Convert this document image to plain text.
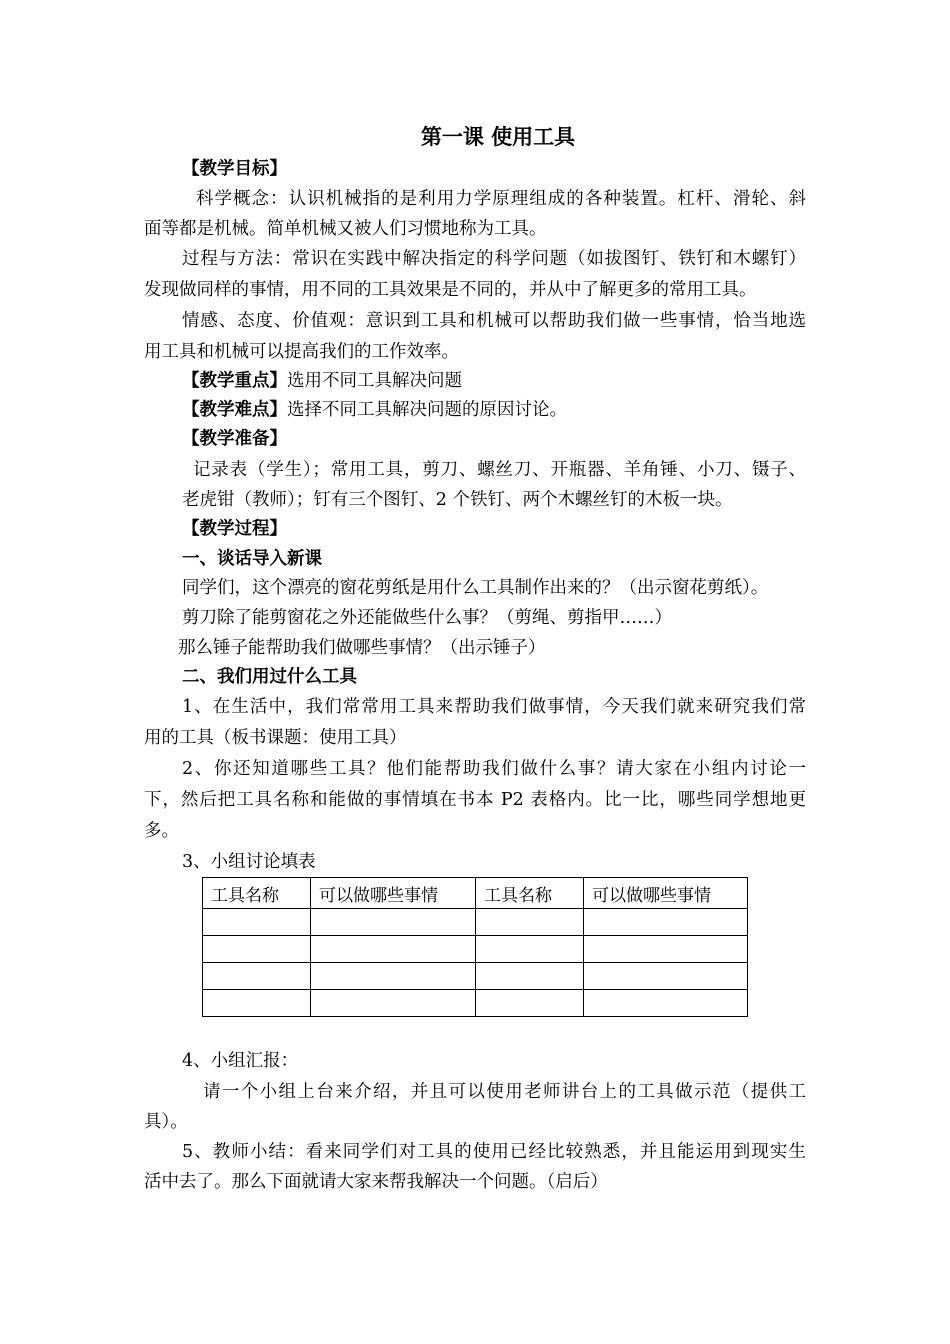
第一课 使用工具
【教学目标】
科学概念：认识机械指的是利用力学原理组成的各种装置。杠杆、滑轮、斜
面等都是机械。简单机械又被人们习惯地称为工具。
过程与方法：常识在实践中解决指定的科学问题（如拔图钉、铁钉和木螺钉）
发现做同样的事情，用不同的工具效果是不同的，并从中了解更多的常用工具。
情感、态度、价值观：意识到工具和机械可以帮助我们做一些事情，恰当地选
用工具和机械可以提高我们的工作效率。
【教学重点】选用不同工具解决问题
【教学难点】选择不同工具解决问题的原因讨论。
【教学准备】
记录表（学生）；常用工具，剪刀、螺丝刀、开瓶器、羊角锤、小刀、镊子、
老虎钳（教师）；钉有三个图钉、2 个铁钉、两个木螺丝钉的木板一块。
【教学过程】
一、谈话导入新课
同学们，这个漂亮的窗花剪纸是用什么工具制作出来的？（出示窗花剪纸）。
剪刀除了能剪窗花之外还能做些什么事？（剪绳、剪指甲……）
那么锤子能帮助我们做哪些事情？（出示锤子）
二、我们用过什么工具
1、在生活中，我们常常用工具来帮助我们做事情，今天我们就来研究我们常
用的工具（板书课题：使用工具）
2、你还知道哪些工具？他们能帮助我们做什么事？请大家在小组内讨论一
下，然后把工具名称和能做的事情填在书本 P2 表格内。比一比，哪些同学想地更
多。
3、小组讨论填表
工具名称	可以做哪些事情	工具名称	可以做哪些事情

4、小组汇报：
请一个小组上台来介绍，并且可以使用老师讲台上的工具做示范（提供工
具）。
5、教师小结：看来同学们对工具的使用已经比较熟悉，并且能运用到现实生
活中去了。那么下面就请大家来帮我解决一个问题。（启后）
